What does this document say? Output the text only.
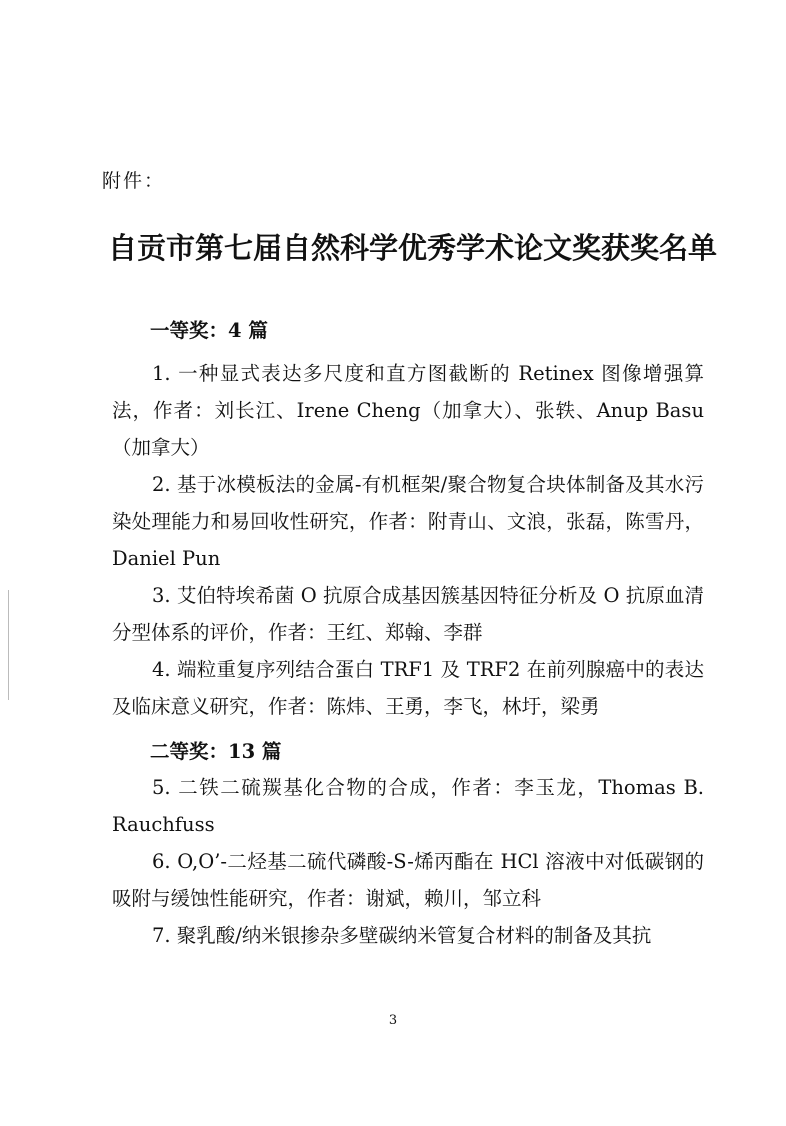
附件：
自贡市第七届自然科学优秀学术论文奖获奖名单
一等奖：4 篇
1. 一种显式表达多尺度和直方图截断的 Retinex 图像增强算法，作者：刘长江、Irene Cheng（加拿大）、张轶、Anup Basu（加拿大）
2. 基于冰模板法的金属-有机框架/聚合物复合块体制备及其水污染处理能力和易回收性研究，作者：附青山、文浪，张磊，陈雪丹，Daniel Pun
3. 艾伯特埃希菌 O 抗原合成基因簇基因特征分析及 O 抗原血清分型体系的评价，作者：王红、郑翰、李群
4. 端粒重复序列结合蛋白 TRF1 及 TRF2 在前列腺癌中的表达及临床意义研究，作者：陈炜、王勇，李飞，林圩，梁勇
二等奖：13 篇
5. 二铁二硫羰基化合物的合成，作者：李玉龙，Thomas B. Rauchfuss
6. O,O’-二烃基二硫代磷酸-S-烯丙酯在 HCl 溶液中对低碳钢的吸附与缓蚀性能研究，作者：谢斌，赖川，邹立科
7. 聚乳酸/纳米银掺杂多壁碳纳米管复合材料的制备及其抗
3
